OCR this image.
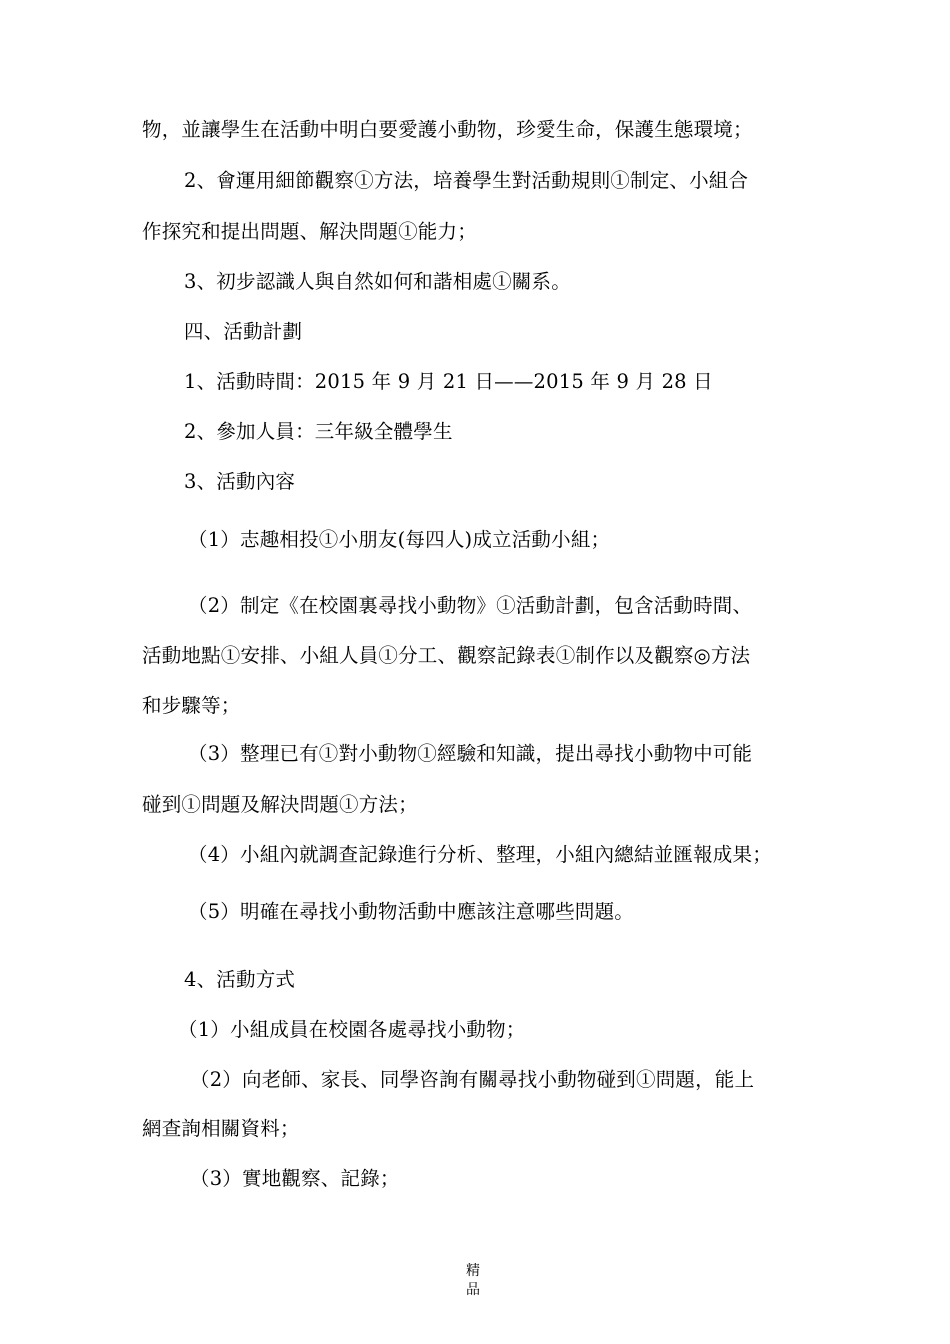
物，並讓學生在活動中明白要愛護小動物，珍愛生命，保護生態環境；
2、會運用細節觀察①方法，培養學生對活動規則①制定、小組合
作探究和提出問題、解決問題①能力；
3、初步認識人與自然如何和諧相處①關系。
四、活動計劃
1、活動時間：2015 年 9 月 21 日——2015 年 9 月 28 日
2、參加人員：三年級全體學生
3、活動內容
（1）志趣相投①小朋友(每四人)成立活動小組；
（2）制定《在校園裏尋找小動物》①活動計劃，包含活動時間、
活動地點①安排、小組人員①分工、觀察記錄表①制作以及觀察◎方法
和步驟等；
（3）整理已有①對小動物①經驗和知識，提出尋找小動物中可能
碰到①問題及解決問題①方法；
（4）小組內就調查記錄進行分析、整理，小組內總結並匯報成果；
（5）明確在尋找小動物活動中應該注意哪些問題。
4、活動方式
（1）小組成員在校園各處尋找小動物；
（2）向老師、家長、同學咨詢有關尋找小動物碰到①問題，能上
網查詢相關資料；
（3）實地觀察、記錄；
精品
